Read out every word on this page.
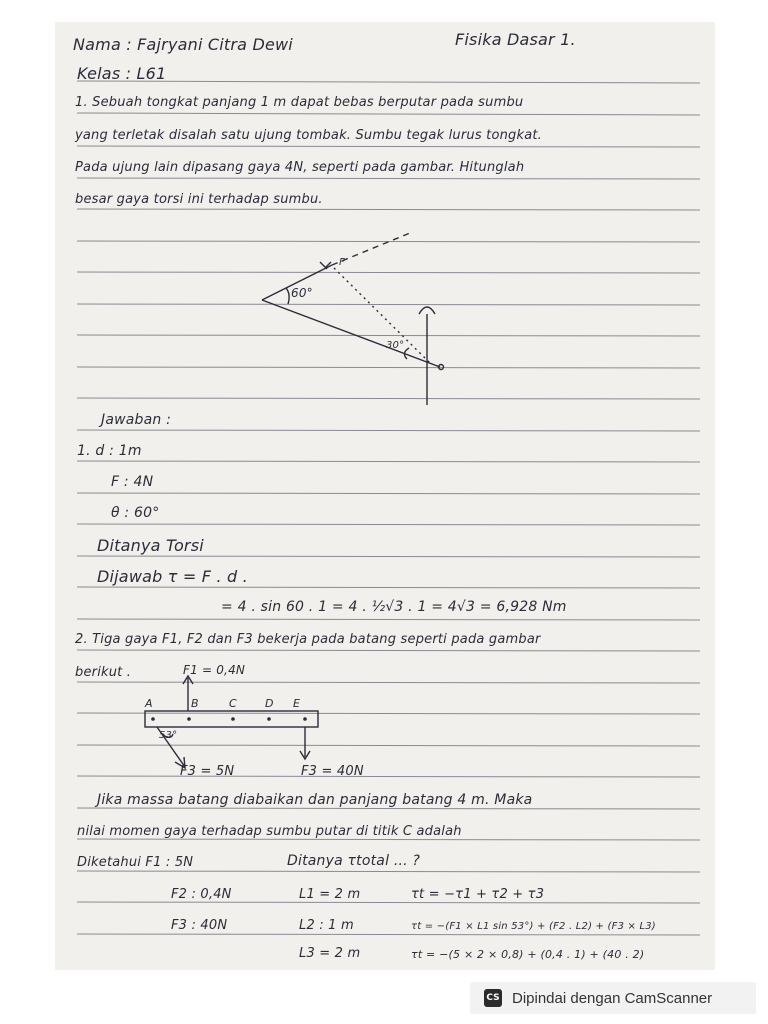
Nama : Fajryani Citra Dewi
Kelas : L61
Fisika Dasar 1.
1. Sebuah tongkat panjang 1 m dapat bebas berputar pada sumbu
yang terletak disalah satu ujung tombak. Sumbu tegak lurus tongkat.
Pada ujung lain dipasang gaya 4N, seperti pada gambar. Hitunglah
besar gaya torsi ini terhadap sumbu.
60°
30°
F
Jawaban :
1. d : 1m
F : 4N
θ : 60°
Ditanya Torsi
Dijawab τ = F . d .
= 4 . sin 60 . 1 = 4 . ½√3 . 1 = 4√3 = 6,928 Nm
2. Tiga gaya F1, F2 dan F3 bekerja pada batang seperti pada gambar
berikut .	F1 = 0,4N
A	B	C	D E
53°
F3 = 5N	F3 = 40N
Jika massa batang diabaikan dan panjang batang 4 m. Maka
nilai momen gaya terhadap sumbu putar di titik C adalah
Diketahui F1 : 5N	Ditanya τtotal ... ?
F2 : 0,4N	L1 = 2 m	τt = −τ1 + τ2 + τ3
F3 : 40N	L2 : 1 m	τt = −(F1 × L1 sin 53°) + (F2 . L2) + (F3 × L3)
L3 = 2 m	τt = −(5 × 2 × 0,8) + (0,4 . 1) + (40 . 2)
CS Dipindai dengan CamScanner
